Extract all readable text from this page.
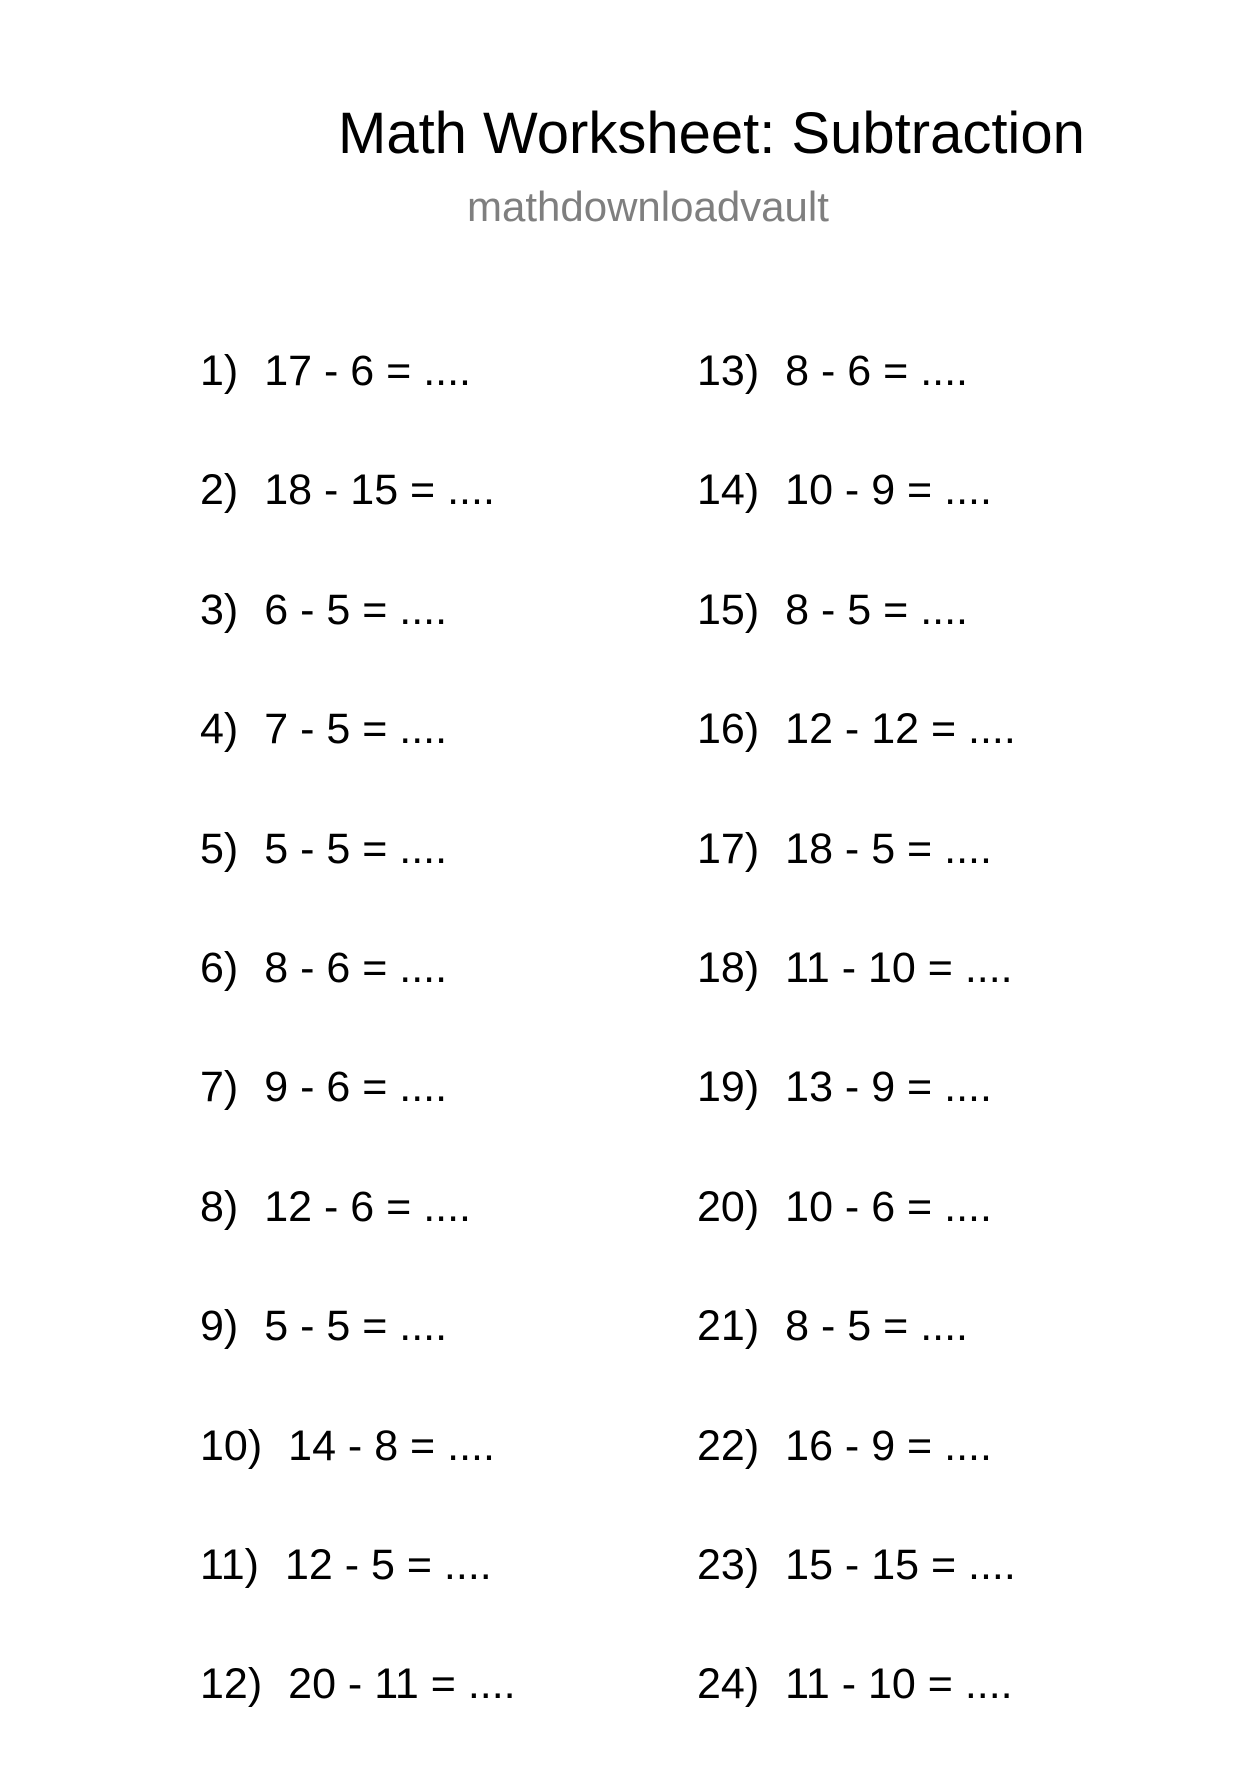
Math Worksheet: Subtraction
mathdownloadvault
1) 17 - 6 = ....
2) 18 - 15 = ....
3) 6 - 5 = ....
4) 7 - 5 = ....
5) 5 - 5 = ....
6) 8 - 6 = ....
7) 9 - 6 = ....
8) 12 - 6 = ....
9) 5 - 5 = ....
10) 14 - 8 = ....
11) 12 - 5 = ....
12) 20 - 11 = ....
13) 8 - 6 = ....
14) 10 - 9 = ....
15) 8 - 5 = ....
16) 12 - 12 = ....
17) 18 - 5 = ....
18) 11 - 10 = ....
19) 13 - 9 = ....
20) 10 - 6 = ....
21) 8 - 5 = ....
22) 16 - 9 = ....
23) 15 - 15 = ....
24) 11 - 10 = ....
